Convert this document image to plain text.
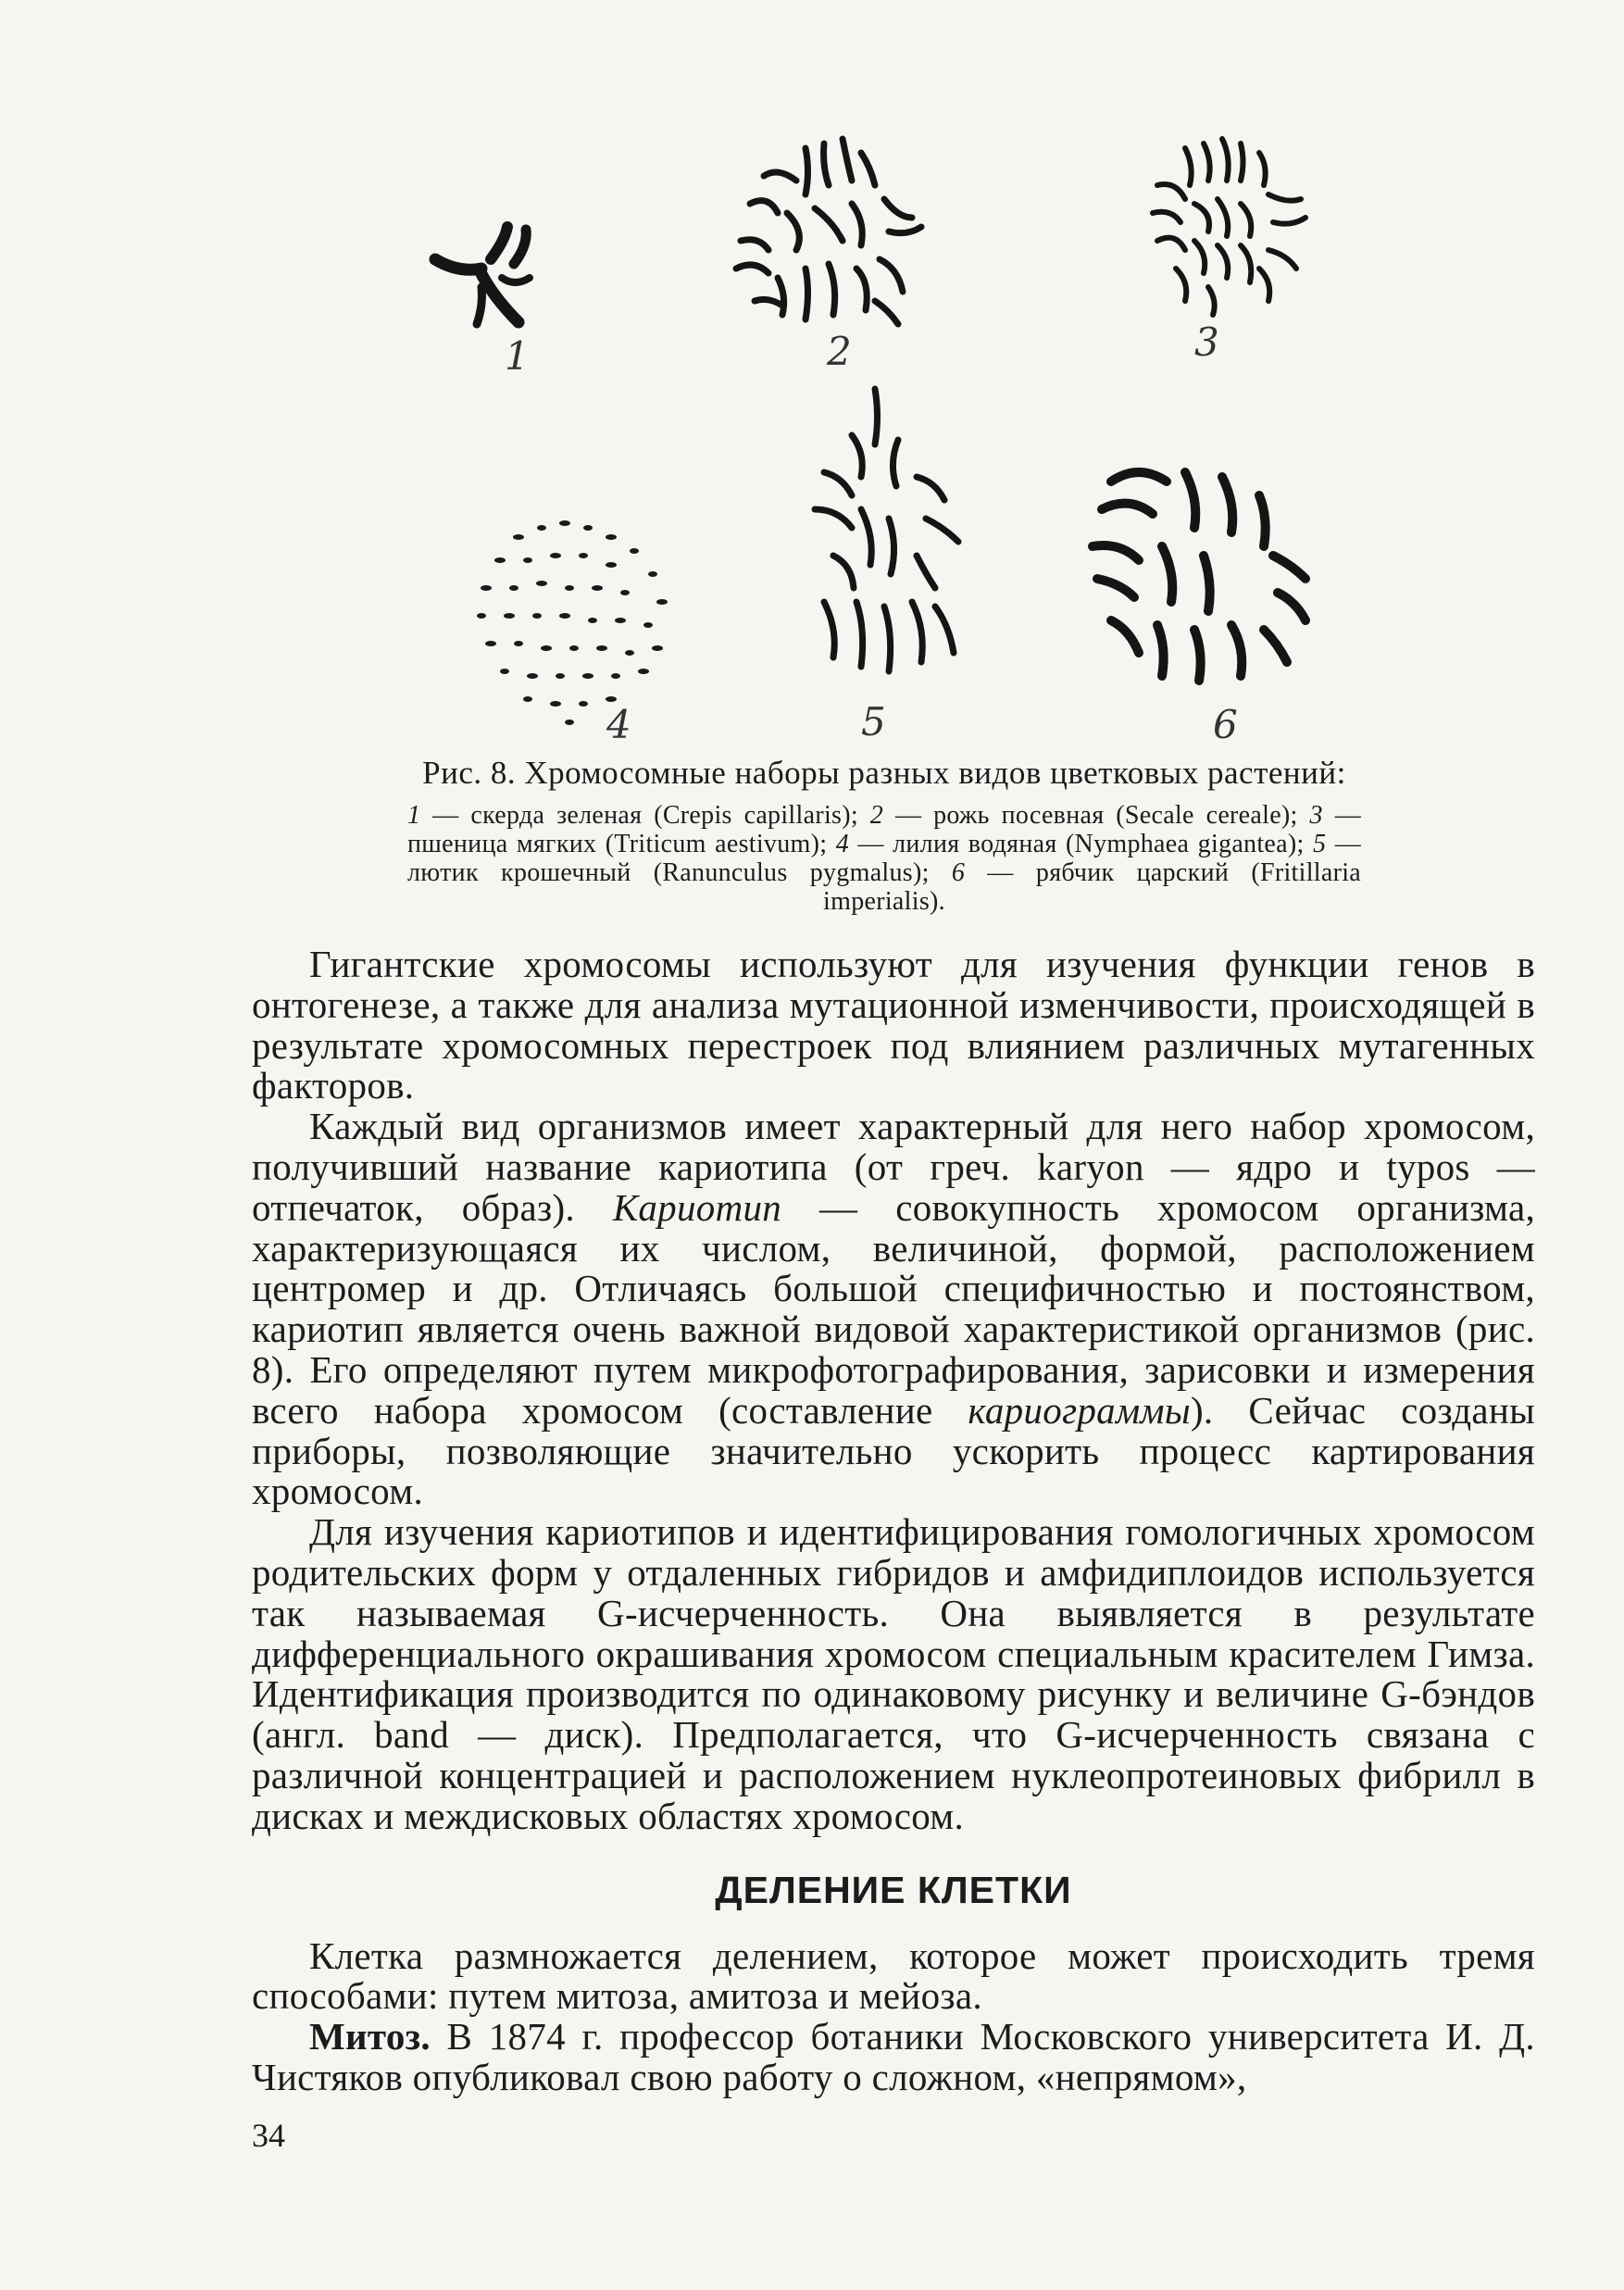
1	2	3
4	5	6
Рис. 8. Хромосомные наборы разных видов цветковых растений:
1 — скерда зеленая (Crepis capillaris); 2 — рожь посевная (Secale cereale); 3 — пшеница мягких (Triticum aestivum); 4 — лилия водяная (Nymphaea gigantea); 5 — лютик крошечный (Ranunculus pygmalus); 6 — рябчик царский (Fritillaria imperialis).

Гигантские хромосомы используют для изучения функции генов в онтогенезе, а также для анализа мутационной изменчивости, происходящей в результате хромосомных перестроек под влиянием различных мутагенных факторов.

Каждый вид организмов имеет характерный для него набор хромосом, получивший название кариотипа (от греч. karyon — ядро и typos — отпечаток, образ). Кариотип — совокупность хромосом организма, характеризующаяся их числом, величиной, формой, расположением центромер и др. Отличаясь большой специфичностью и постоянством, кариотип является очень важной видовой характеристикой организмов (рис. 8). Его определяют путем микрофотографирования, зарисовки и измерения всего набора хромосом (составление кариограммы). Сейчас созданы приборы, позволяющие значительно ускорить процесс картирования хромосом.

Для изучения кариотипов и идентифицирования гомологичных хромосом родительских форм у отдаленных гибридов и амфидиплоидов используется так называемая G-исчерченность. Она выявляется в результате дифференциального окрашивания хромосом специальным красителем Гимза. Идентификация производится по одинаковому рисунку и величине G-бэндов (англ. band — диск). Предполагается, что G-исчерченность связана с различной концентрацией и расположением нуклеопротеиновых фибрилл в дисках и междисковых областях хромосом.

ДЕЛЕНИЕ КЛЕТКИ

Клетка размножается делением, которое может происходить тремя способами: путем митоза, амитоза и мейоза.

Митоз. В 1874 г. профессор ботаники Московского университета И. Д. Чистяков опубликовал свою работу о сложном, «непрямом»,

34
